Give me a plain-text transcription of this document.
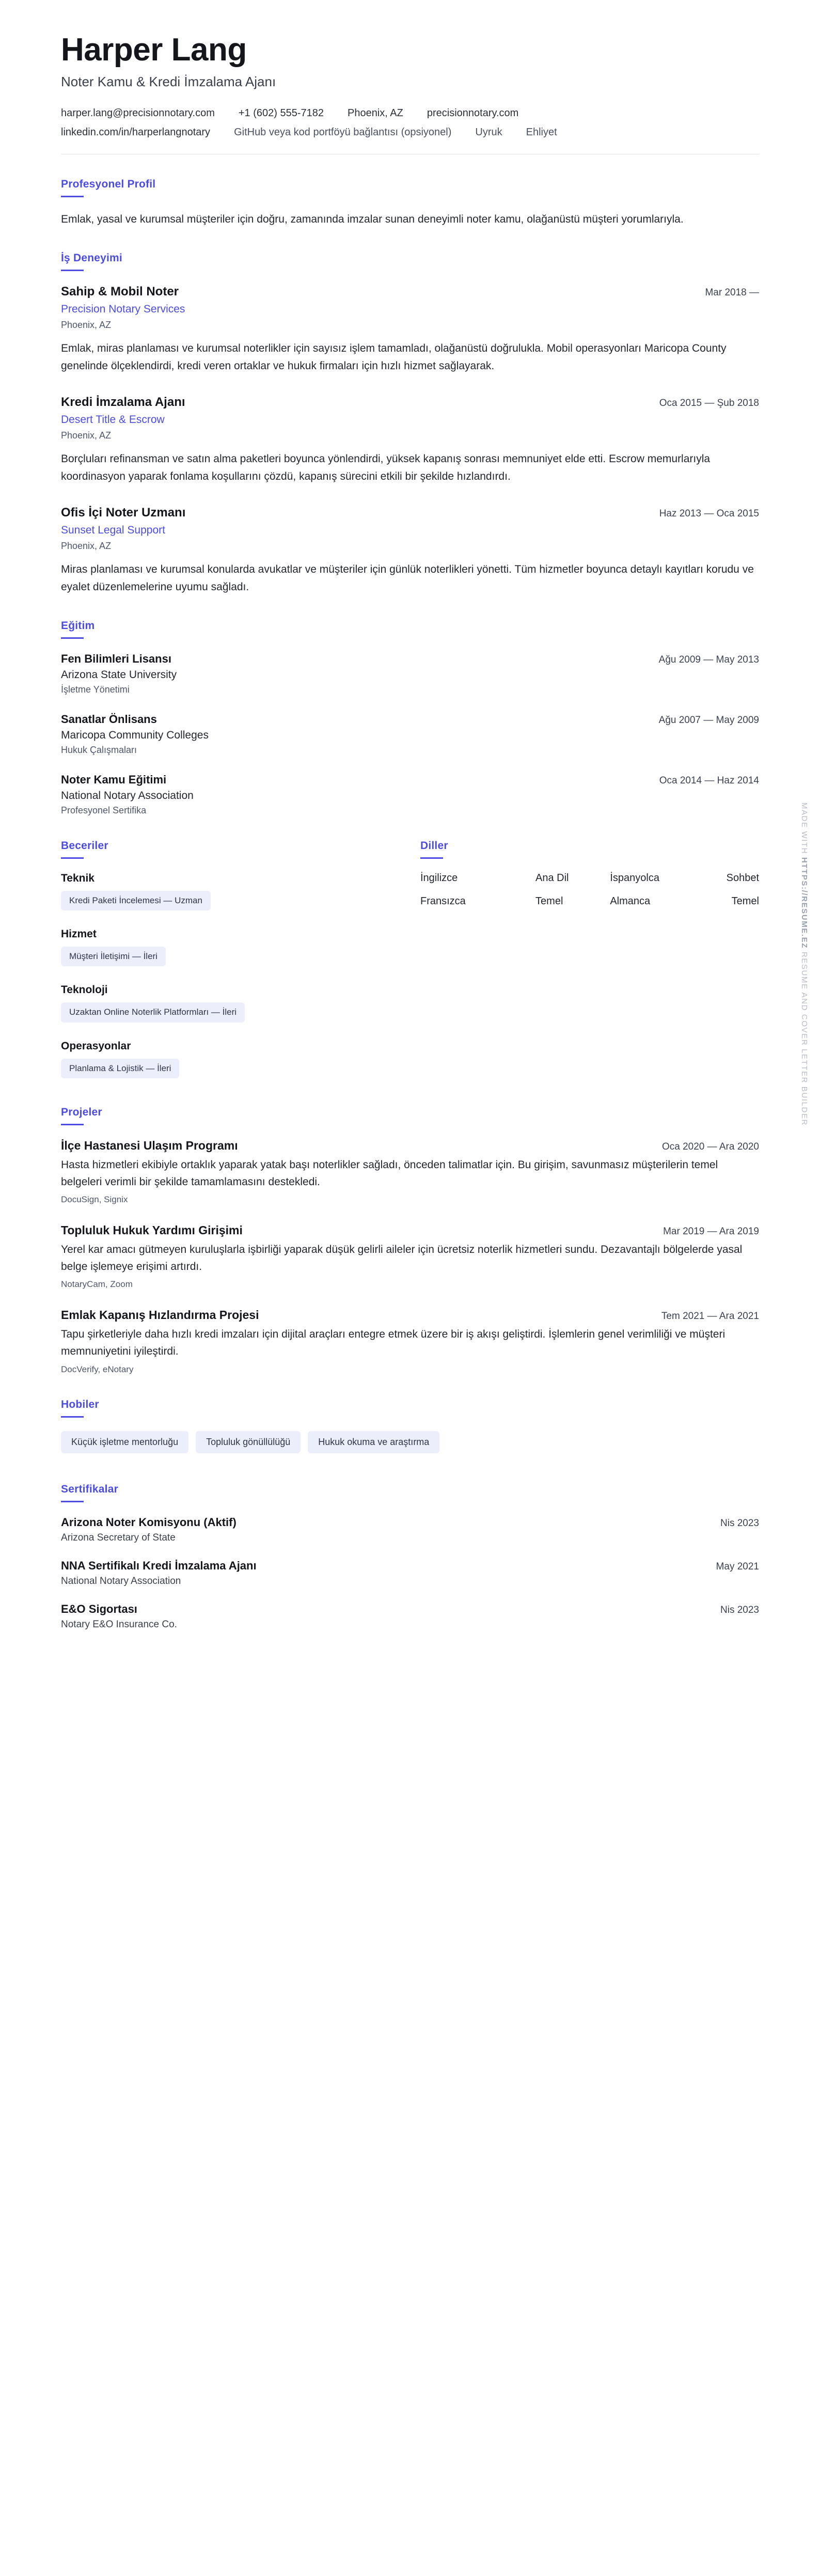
Harper Lang
Noter Kamu & Kredi İmzalama Ajanı
harper.lang@precisionnotary.com +1 (602) 555-7182 Phoenix, AZ precisionnotary.com
linkedin.com/in/harperlangnotary GitHub veya kod portföyü bağlantısı (opsiyonel) Uyruk Ehliyet
Profesyonel Profil
Emlak, yasal ve kurumsal müşteriler için doğru, zamanında imzalar sunan deneyimli noter kamu, olağanüstü müşteri yorumlarıyla.
İş Deneyimi
Sahip & Mobil Noter	Mar 2018 —
Precision Notary Services
Phoenix, AZ

Emlak, miras planlaması ve kurumsal noterlikler için sayısız işlem tamamladı, olağanüstü doğrulukla. Mobil operasyonları Maricopa County genelinde ölçeklendirdi, kredi veren ortaklar ve hukuk firmaları için hızlı hizmet sağlayarak.

Kredi İmzalama Ajanı	Oca 2015 — Şub 2018
Desert Title & Escrow
Phoenix, AZ

Borçluları refinansman ve satın alma paketleri boyunca yönlendirdi, yüksek kapanış sonrası memnuniyet elde etti. Escrow memurlarıyla koordinasyon yaparak fonlama koşullarını çözdü, kapanış sürecini etkili bir şekilde hızlandırdı.

Ofis İçi Noter Uzmanı	Haz 2013 — Oca 2015
Sunset Legal Support
Phoenix, AZ

Miras planlaması ve kurumsal konularda avukatlar ve müşteriler için günlük noterlikleri yönetti. Tüm hizmetler boyunca detaylı kayıtları korudu ve eyalet düzenlemelerine uyumu sağladı.

Eğitim
Fen Bilimleri Lisansı	Ağu 2009 — May 2013
Arizona State University
İşletme Yönetimi
Sanatlar Önlisans	Ağu 2007 — May 2009
Maricopa Community Colleges
Hukuk Çalışmaları
Noter Kamu Eğitimi	Oca 2014 — Haz 2014
National Notary Association
Profesyonel Sertifika
Beceriler
Teknik
Kredi Paketi İncelemesi — Uzman
Hizmet
Müşteri İletişimi — İleri
Teknoloji
Uzaktan Online Noterlik Platformları — İleri
Operasyonlar
Planlama & Lojistik — İleri
Diller
İngilizce	Ana Dil	İspanyolca	Sohbet
Fransızca	Temel	Almanca	Temel
Projeler
İlçe Hastanesi Ulaşım Programı	Oca 2020 — Ara 2020

Hasta hizmetleri ekibiyle ortaklık yaparak yatak başı noterlikler sağladı, önceden talimatlar için. Bu girişim, savunmasız müşterilerin temel belgeleri verimli bir şekilde tamamlamasını destekledi.

DocuSign, Signix
Topluluk Hukuk Yardımı Girişimi	Mar 2019 — Ara 2019

Yerel kar amacı gütmeyen kuruluşlarla işbirliği yaparak düşük gelirli aileler için ücretsiz noterlik hizmetleri sundu. Dezavantajlı bölgelerde yasal belge işlemeye erişimi artırdı.

NotaryCam, Zoom
Emlak Kapanış Hızlandırma Projesi	Tem 2021 — Ara 2021

Tapu şirketleriyle daha hızlı kredi imzaları için dijital araçları entegre etmek üzere bir iş akışı geliştirdi. İşlemlerin genel verimliliği ve müşteri memnuniyetini iyileştirdi.

DocVerify, eNotary
Hobiler
Küçük işletme mentorluğu	Topluluk gönüllülüğü	Hukuk okuma ve araştırma
Sertifikalar
Arizona Noter Komisyonu (Aktif)	Nis 2023
Arizona Secretary of State
NNA Sertifikalı Kredi İmzalama Ajanı	May 2021
National Notary Association
E&O Sigortası	Nis 2023
Notary E&O Insurance Co.
MADE WITH HTTPS://RESUME.EZ RESUME AND COVER LETTER BUILDER
